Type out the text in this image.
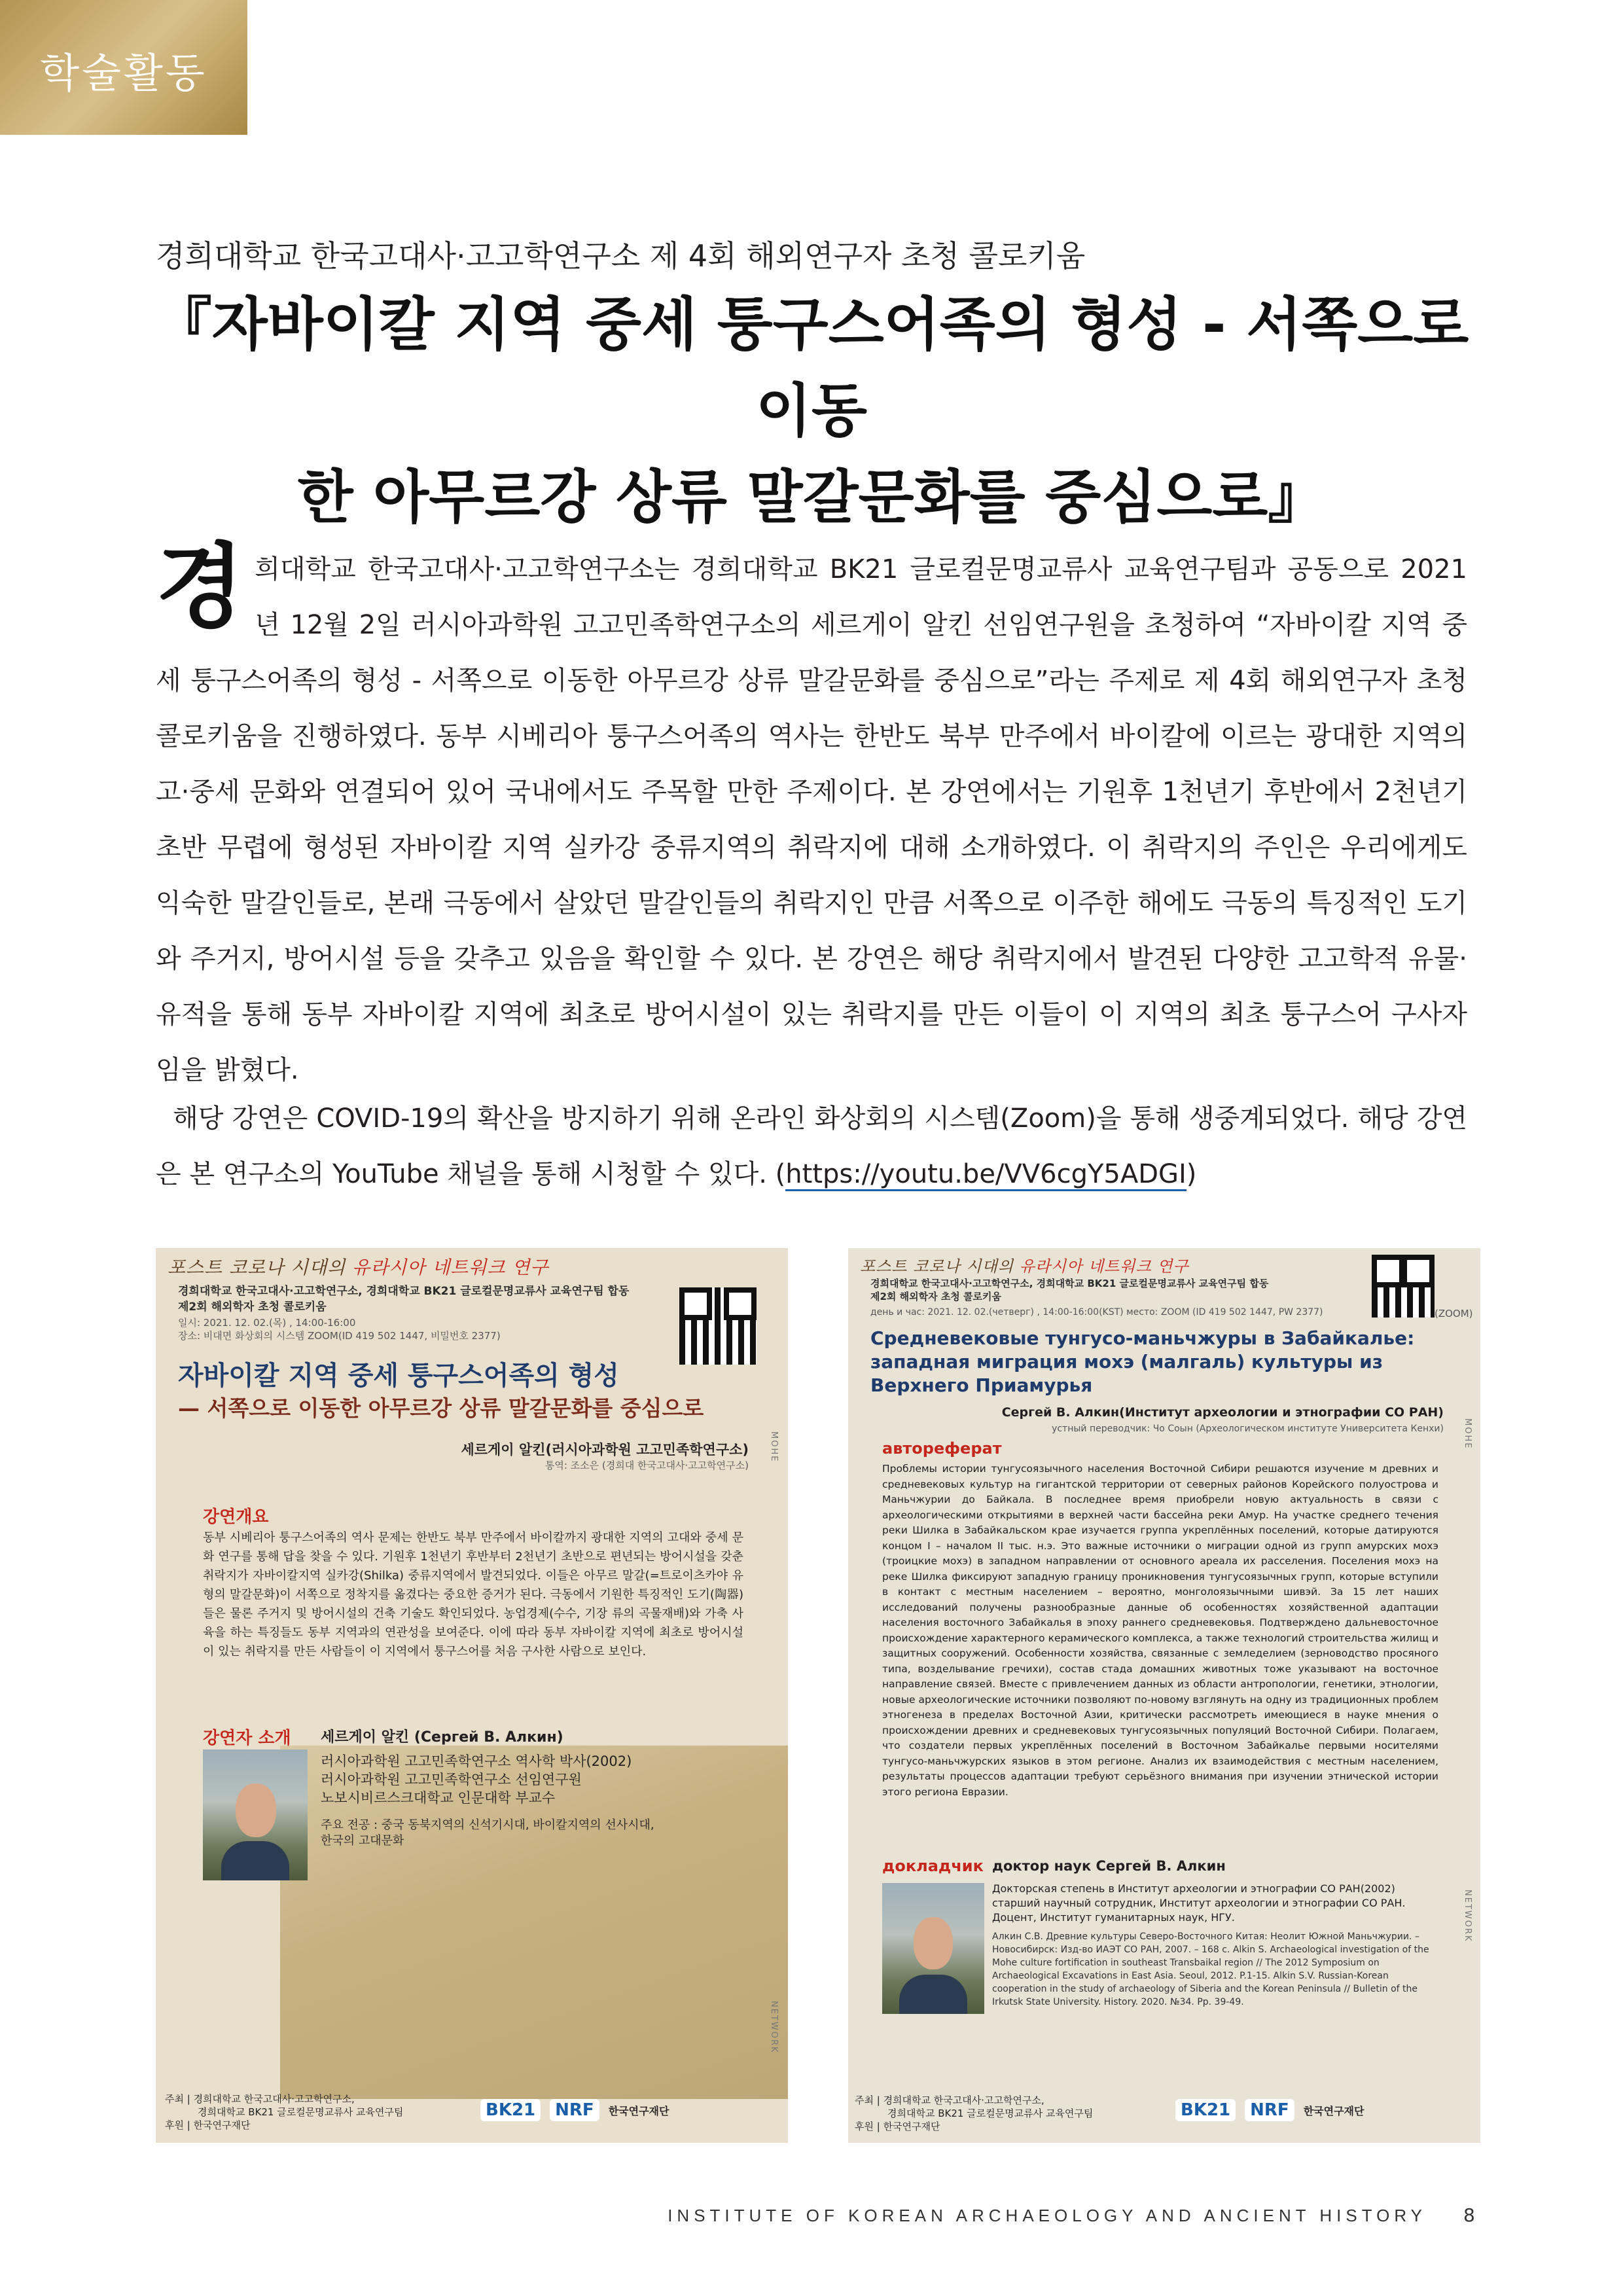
학술활동
경희대학교 한국고대사·고고학연구소 제 4회 해외연구자 초청 콜로키움
『자바이칼 지역 중세 퉁구스어족의 형성 - 서쪽으로 이동
한 아무르강 상류 말갈문화를 중심으로』
경희대학교 한국고대사·고고학연구소는 경희대학교 BK21 글로컬문명교류사 교육연구팀과 공동으로 2021년 12월 2일 러시아과학원 고고민족학연구소의 세르게이 알킨 선임연구원을 초청하여 “자바이칼 지역 중세 퉁구스어족의 형성 - 서쪽으로 이동한 아무르강 상류 말갈문화를 중심으로”라는 주제로 제 4회 해외연구자 초청 콜로키움을 진행하였다. 동부 시베리아 퉁구스어족의 역사는 한반도 북부 만주에서 바이칼에 이르는 광대한 지역의 고·중세 문화와 연결되어 있어 국내에서도 주목할 만한 주제이다. 본 강연에서는 기원후 1천년기 후반에서 2천년기 초반 무렵에 형성된 자바이칼 지역 실카강 중류지역의 취락지에 대해 소개하였다. 이 취락지의 주인은 우리에게도 익숙한 말갈인들로, 본래 극동에서 살았던 말갈인들의 취락지인 만큼 서쪽으로 이주한 해에도 극동의 특징적인 도기와 주거지, 방어시설 등을 갖추고 있음을 확인할 수 있다. 본 강연은 해당 취락지에서 발견된 다양한 고고학적 유물·유적을 통해 동부 자바이칼 지역에 최초로 방어시설이 있는 취락지를 만든 이들이 이 지역의 최초 퉁구스어 구사자임을 밝혔다.
해당 강연은 COVID-19의 확산을 방지하기 위해 온라인 화상회의 시스템(Zoom)을 통해 생중계되었다. 해당 강연은 본 연구소의 YouTube 채널을 통해 시청할 수 있다. (https://youtu.be/VV6cgY5ADGI)
포스트 코로나 시대의 유라시아 네트워크 연구
경희대학교 한국고대사·고고학연구소, 경희대학교 BK21 글로컬문명교류사 교육연구팀 합동
제2회 해외학자 초청 콜로키움
일시: 2021. 12. 02.(목) , 14:00-16:00
장소: 비대면 화상회의 시스템 ZOOM(ID 419 502 1447, 비밀번호 2377)
자바이칼 지역 중세 퉁구스어족의 형성
— 서쪽으로 이동한 아무르강 상류 말갈문화를 중심으로
세르게이 알킨(러시아과학원 고고민족학연구소)
통역: 조소은 (경희대 한국고대사·고고학연구소)
MOHE
강연개요
동부 시베리아 퉁구스어족의 역사 문제는 한반도 북부 만주에서 바이칼까지 광대한 지역의 고대와 중세 문화 연구를 통해 답을 찾을 수 있다. 기원후 1천년기 후반부터 2천년기 초반으로 편년되는 방어시설을 갖춘 취락지가 자바이칼지역 실카강(Shilka) 중류지역에서 발견되었다. 이들은 아무르 말갈(=트로이츠카야 유형의 말갈문화)이 서쪽으로 정착지를 옮겼다는 중요한 증거가 된다. 극동에서 기원한 특징적인 도기(陶器)들은 물론 주거지 및 방어시설의 건축 기술도 확인되었다. 농업경제(수수, 기장 류의 곡물재배)와 가축 사육을 하는 특징들도 동부 지역과의 연관성을 보여준다. 이에 따라 동부 자바이칼 지역에 최초로 방어시설이 있는 취락지를 만든 사람들이 이 지역에서 퉁구스어를 처음 구사한 사람으로 보인다.
강연자 소개 세르게이 알킨 (Сергей В. Алкин)
러시아과학원 고고민족학연구소 역사학 박사(2002)
러시아과학원 고고민족학연구소 선임연구원
노보시비르스크대학교 인문대학 부교수
주요 전공 : 중국 동북지역의 신석기시대, 바이칼지역의 선사시대,
한국의 고대문화
NETWORK
주최 | 경희대학교 한국고대사·고고학연구소,
경희대학교 BK21 글로컬문명교류사 교육연구팀
후원 | 한국연구재단
BK21	NRF	한국연구재단
포스트 코로나 시대의 유라시아 네트워크 연구
경희대학교 한국고대사·고고학연구소, 경희대학교 BK21 글로컬문명교류사 교육연구팀 합동
제2회 해외학자 초청 콜로키움
день и час: 2021. 12. 02.(четверг) , 14:00-16:00(KST) место: ZOOM (ID 419 502 1447, PW 2377)	(ZOOM)
Средневековые тунгусо-маньчжуры в Забайкалье: западная миграция мохэ (малгаль) культуры из Верхнего Приамурья
Сергей В. Алкин(Институт археологии и этнографии СО РАН)
устный переводчик: Чо Соын (Археологическом институте Университета Кенхи) MOHE
автореферат
Проблемы истории тунгусоязычного населения Восточной Сибири решаются изучение м древних и средневековых культур на гигантской территории от северных районов Корейского полуострова и Маньчжурии до Байкала. В последнее время приобрели новую актуальность в связи с археологическими открытиями в верхней части бассейна реки Амур. На участке среднего течения реки Шилка в Забайкальском крае изучается группа укреплённых поселений, которые датируются концом I – началом II тыс. н.э. Это важные источники о миграции одной из групп амурских мохэ (троицкие мохэ) в западном направлении от основного ареала их расселения. Поселения мохэ на реке Шилка фиксируют западную границу проникновения тунгусоязычных групп, которые вступили в контакт с местным населением – вероятно, монголоязычными шивэй. За 15 лет наших исследований получены разнообразные данные об особенностях хозяйственной адаптации населения восточного Забайкалья в эпоху раннего средневековья. Подтверждено дальневосточное происхождение характерного керамического комплекса, а также технологий строительства жилищ и защитных сооружений. Особенности хозяйства, связанные с земледелием (зерноводство просяного типа, возделывание гречихи), состав стада домашних животных тоже указывают на восточное направление связей. Вместе с привлечением данных из области антропологии, генетики, этнологии, новые археологические источники позволяют по-новому взглянуть на одну из традиционных проблем этногенеза в пределах Восточной Азии, критически рассмотреть имеющиеся в науке мнения о происхождении древних и средневековых тунгусоязычных популяций Восточной Сибири. Полагаем, что создатели первых укреплённых поселений в Восточном Забайкалье первыми носителями тунгусо-маньчжурских языков в этом регионе. Анализ их взаимодействия с местным населением, результаты процессов адаптации требуют серьёзного внимания при изучении этнической истории этого региона Евразии.
докладчик доктор наук Сергей В. Алкин
Докторская степень в Институт археологии и этнографии СО РАН(2002)
старший научный сотрудник, Институт археологии и этнографии СО РАН.
Доцент, Институт гуманитарных наук, НГУ.
Алкин С.В. Древние культуры Северо-Восточного Китая: Неолит Южной Маньчжурии. – Новосибирск: Изд-во ИАЭТ СО РАН, 2007. – 168 с. Alkin S. Archaeological investigation of the Mohe culture fortification in southeast Transbaikal region // The 2012 Symposium on Archaeological Excavations in East Asia. Seoul, 2012. P.1-15. Alkin S.V. Russian-Korean cooperation in the study of archaeology of Siberia and the Korean Peninsula // Bulletin of the Irkutsk State University. History. 2020. №34. Pp. 39-49.
NETWORK
주최 | 경희대학교 한국고대사·고고학연구소,
경희대학교 BK21 글로컬문명교류사 교육연구팀
후원 | 한국연구재단
BK21	NRF	한국연구재단
INSTITUTE OF KOREAN ARCHAEOLOGY AND ANCIENT HISTORY 8
